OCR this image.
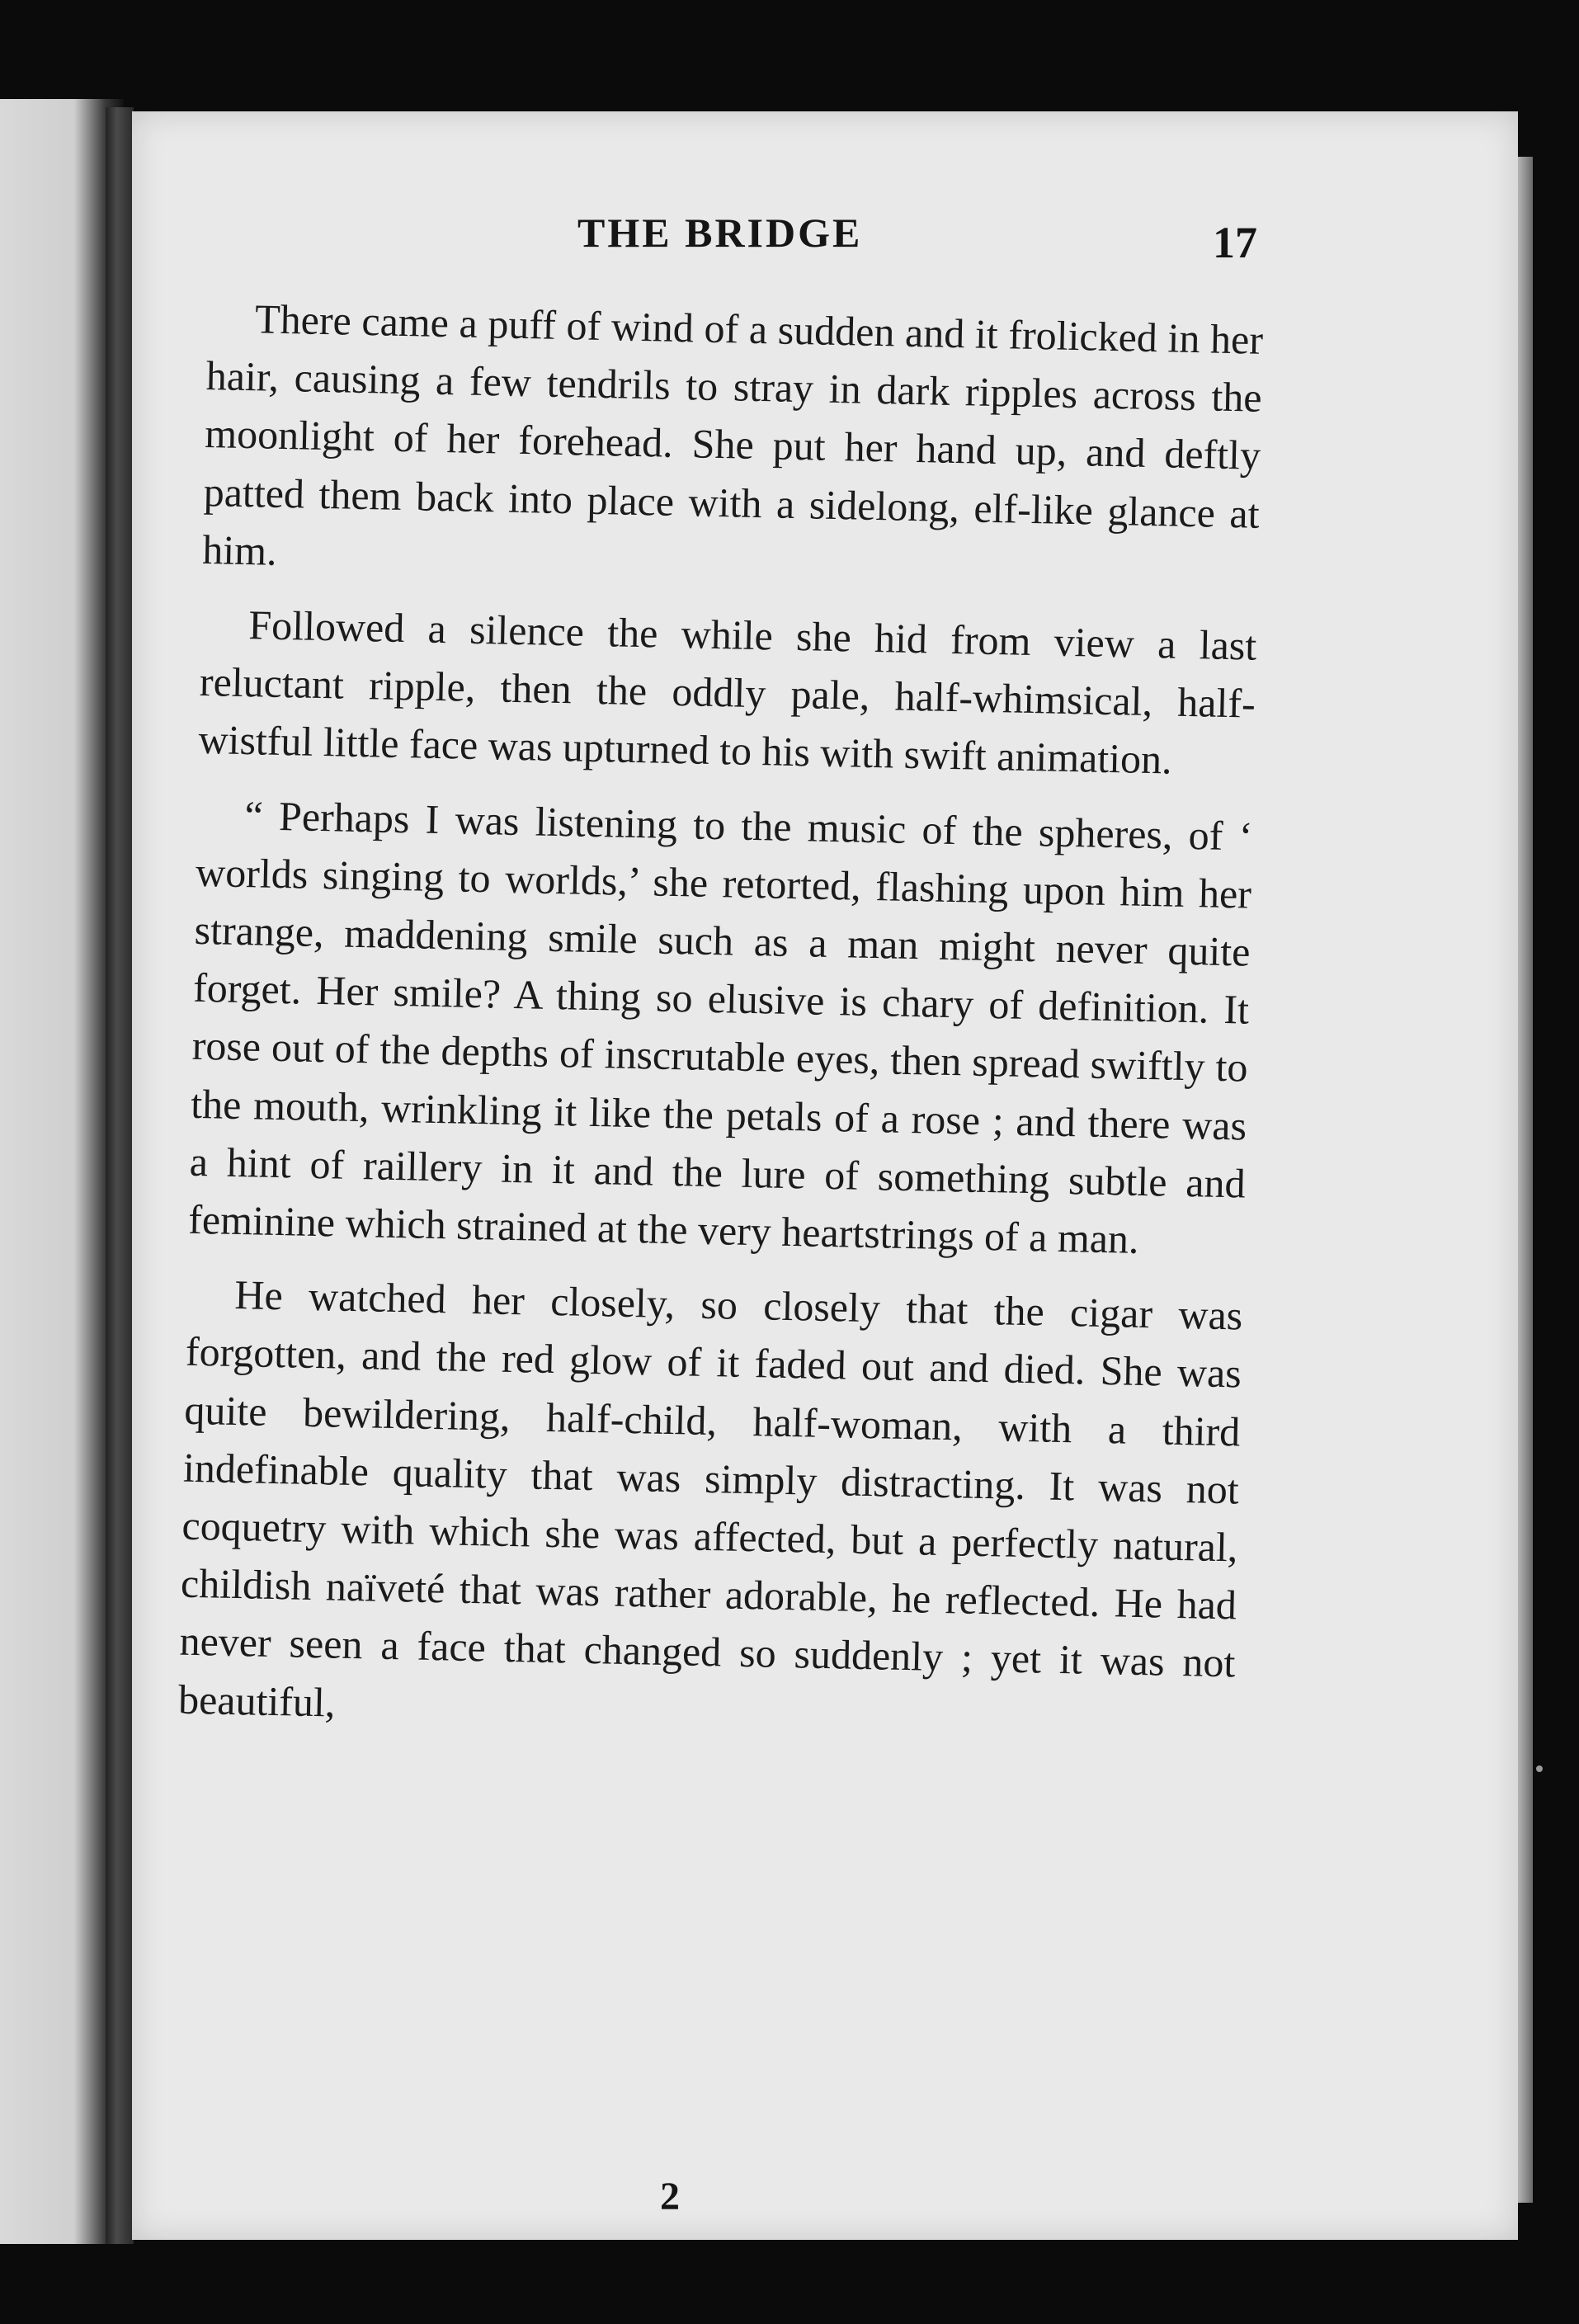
THE BRIDGE	17

There came a puff of wind of a sudden and it frolicked in her hair, causing a few tendrils to stray in dark ripples across the moonlight of her forehead. She put her hand up, and deftly patted them back into place with a sidelong, elf-like glance at him.

Followed a silence the while she hid from view a last reluctant ripple, then the oddly pale, half-whimsical, half-wistful little face was upturned to his with swift animation.

“ Perhaps I was listening to the music of the spheres, of ‘ worlds singing to worlds,’ she retorted, flashing upon him her strange, maddening smile such as a man might never quite forget. Her smile? A thing so elusive is chary of definition. It rose out of the depths of inscrutable eyes, then spread swiftly to the mouth, wrinkling it like the petals of a rose ; and there was a hint of raillery in it and the lure of something subtle and feminine which strained at the very heartstrings of a man.

He watched her closely, so closely that the cigar was forgotten, and the red glow of it faded out and died. She was quite bewildering, half-child, half-woman, with a third indefinable quality that was simply distracting. It was not coquetry with which she was affected, but a perfectly natural, childish naïveté that was rather adorable, he reflected. He had never seen a face that changed so suddenly ; yet it was not beautiful,

2
